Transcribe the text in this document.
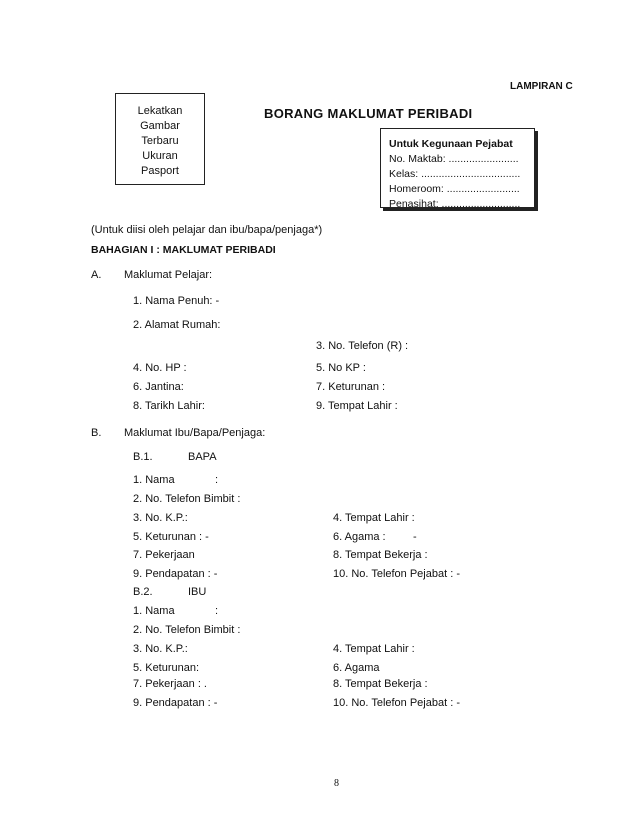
LAMPIRAN C
Lekatkan
Gambar
Terbaru
Ukuran
Pasport
BORANG MAKLUMAT PERIBADI
Untuk Kegunaan Pejabat
No. Maktab: ........................
Kelas: ..................................
Homeroom: .........................
Penasihat: ...........................
(Untuk diisi oleh pelajar dan ibu/bapa/penjaga*)
BAHAGIAN I : MAKLUMAT PERIBADI
A. Maklumat Pelajar:
1. Nama Penuh: -
2. Alamat Rumah:
3. No. Telefon (R) :
4. No. HP :	5. No KP :
6. Jantina:	7. Keturunan :
8. Tarikh Lahir:	9. Tempat Lahir :
B. Maklumat Ibu/Bapa/Penjaga:
B.1.	BAPA
1. Nama	:
2. No. Telefon Bimbit :
3. No. K.P.:	4. Tempat Lahir :
5. Keturunan : -	6. Agama : -
7. Pekerjaan	8. Tempat Bekerja :
9. Pendapatan : -	10. No. Telefon Pejabat : -
B.2.	IBU
1. Nama	:
2. No. Telefon Bimbit :
3. No. K.P.:	4. Tempat Lahir :
5. Keturunan:	6. Agama
7. Pekerjaan : .	8. Tempat Bekerja :
9. Pendapatan : -	10. No. Telefon Pejabat : -
8
